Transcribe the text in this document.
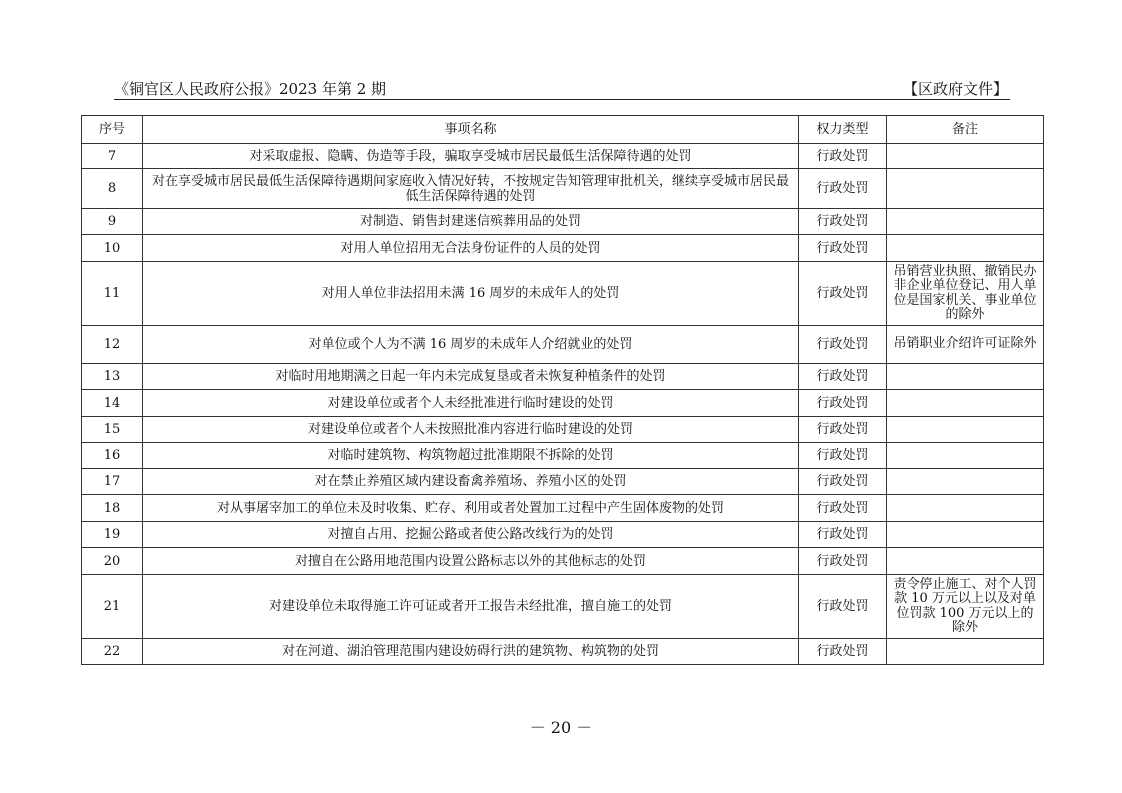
《铜官区人民政府公报》2023 年第 2 期	【区政府文件】
序号	事项名称	权力类型	备注
7	对采取虚报、隐瞒、伪造等手段，骗取享受城市居民最低生活保障待遇的处罚	行政处罚	
8	对在享受城市居民最低生活保障待遇期间家庭收入情况好转，不按规定告知管理审批机关，继续享受城市居民最低生活保障待遇的处罚	行政处罚	
9	对制造、销售封建迷信殡葬用品的处罚	行政处罚	
10	对用人单位招用无合法身份证件的人员的处罚	行政处罚	
11	对用人单位非法招用未满 16 周岁的未成年人的处罚	行政处罚	吊销营业执照、撤销民办非企业单位登记、用人单位是国家机关、事业单位的除外
12	对单位或个人为不满 16 周岁的未成年人介绍就业的处罚	行政处罚	吊销职业介绍许可证除外
13	对临时用地期满之日起一年内未完成复垦或者未恢复种植条件的处罚	行政处罚	
14	对建设单位或者个人未经批准进行临时建设的处罚	行政处罚	
15	对建设单位或者个人未按照批准内容进行临时建设的处罚	行政处罚	
16	对临时建筑物、构筑物超过批准期限不拆除的处罚	行政处罚	
17	对在禁止养殖区域内建设畜禽养殖场、养殖小区的处罚	行政处罚	
18	对从事屠宰加工的单位未及时收集、贮存、利用或者处置加工过程中产生固体废物的处罚	行政处罚	
19	对擅自占用、挖掘公路或者使公路改线行为的处罚	行政处罚	
20	对擅自在公路用地范围内设置公路标志以外的其他标志的处罚	行政处罚	
21	对建设单位未取得施工许可证或者开工报告未经批准，擅自施工的处罚	行政处罚	责令停止施工、对个人罚款 10 万元以上以及对单位罚款 100 万元以上的除外
22	对在河道、湖泊管理范围内建设妨碍行洪的建筑物、构筑物的处罚	行政处罚	
－ 20 －
